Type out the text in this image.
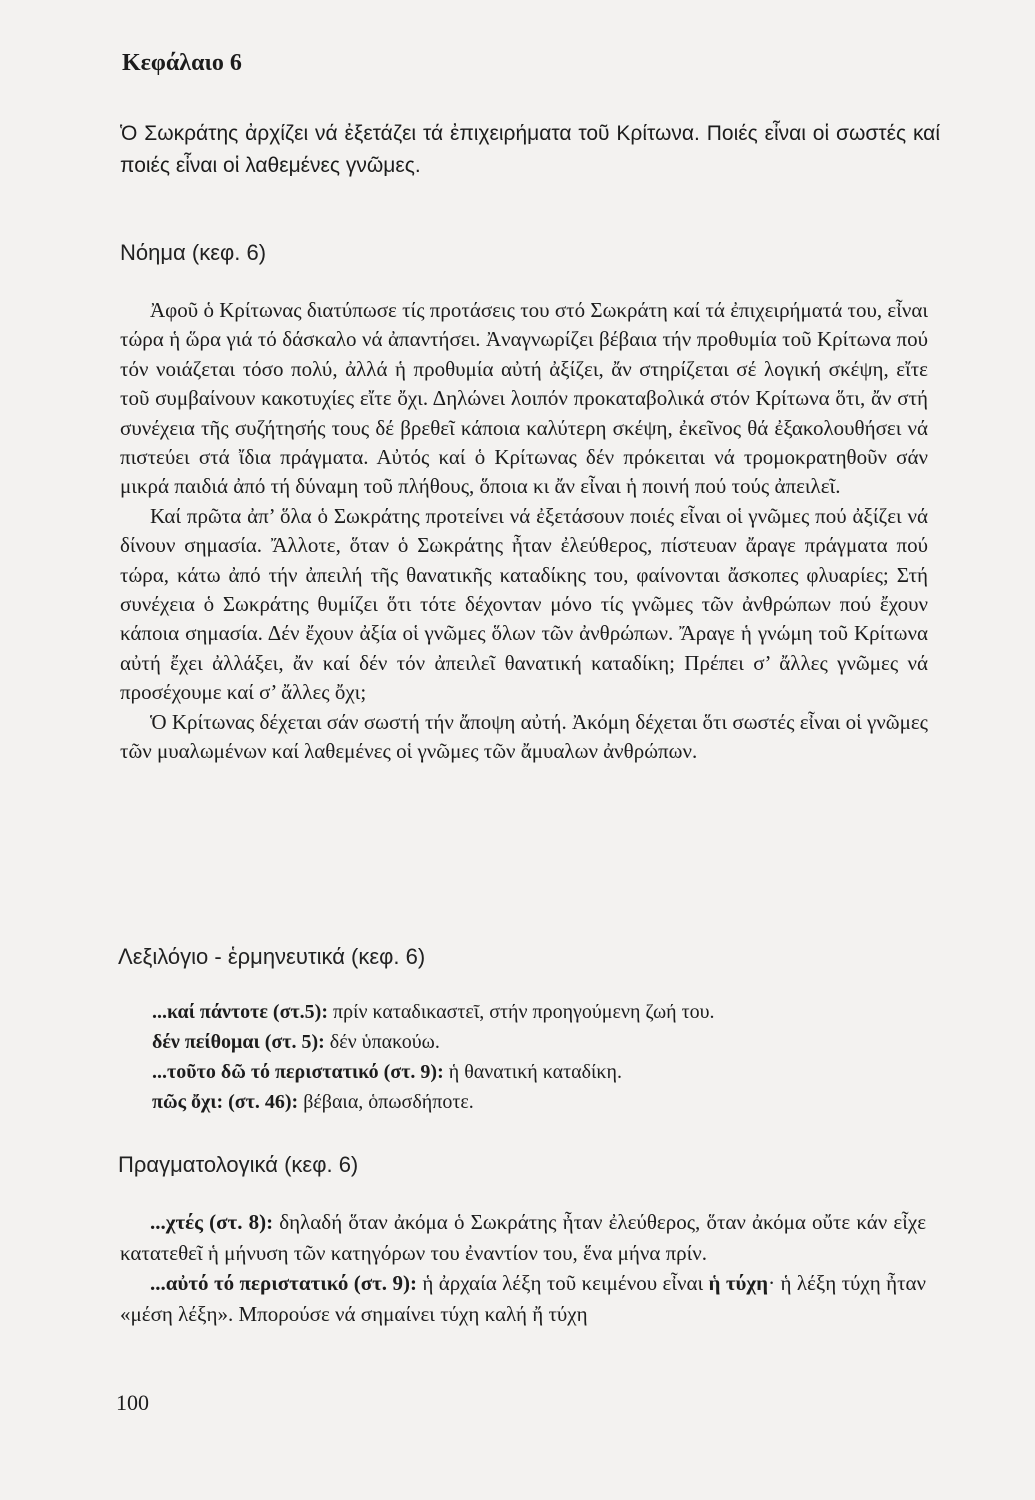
Κεφάλαιο 6
Ὁ Σωκράτης ἀρχίζει νά ἐξετάζει τά ἐπιχειρήματα τοῦ Κρίτωνα. Ποιές εἶναι οἱ σωστές καί ποιές εἶναι οἱ λαθεμένες γνῶμες.
Νόημα (κεφ. 6)

Ἀφοῦ ὁ Κρίτωνας διατύπωσε τίς προτάσεις του στό Σωκράτη καί τά ἐπιχειρήματά του, εἶναι τώρα ἡ ὥρα γιά τό δάσκαλο νά ἀπαντήσει. Ἀναγνωρίζει βέβαια τήν προθυμία τοῦ Κρίτωνα πού τόν νοιάζεται τόσο πολύ, ἀλλά ἡ προθυμία αὐτή ἀξίζει, ἄν στηρίζεται σέ λογική σκέψη, εἴτε τοῦ συμβαίνουν κακοτυχίες εἴτε ὄχι. Δηλώνει λοιπόν προκαταβολικά στόν Κρίτωνα ὅτι, ἄν στή συνέχεια τῆς συζήτησής τους δέ βρεθεῖ κάποια καλύτερη σκέψη, ἐκεῖνος θά ἐξακολουθήσει νά πιστεύει στά ἴδια πράγματα. Αὐτός καί ὁ Κρίτωνας δέν πρόκειται νά τρομοκρατηθοῦν σάν μικρά παιδιά ἀπό τή δύναμη τοῦ πλήθους, ὅποια κι ἄν εἶναι ἡ ποινή πού τούς ἀπειλεῖ.

Καί πρῶτα ἀπ’ ὅλα ὁ Σωκράτης προτείνει νά ἐξετάσουν ποιές εἶναι οἱ γνῶμες πού ἀξίζει νά δίνουν σημασία. Ἄλλοτε, ὅταν ὁ Σωκράτης ἦταν ἐλεύθερος, πίστευαν ἄραγε πράγματα πού τώρα, κάτω ἀπό τήν ἀπειλή τῆς θανατικῆς καταδίκης του, φαίνονται ἄσκοπες φλυαρίες; Στή συνέχεια ὁ Σωκράτης θυμίζει ὅτι τότε δέχονταν μόνο τίς γνῶμες τῶν ἀνθρώπων πού ἔχουν κάποια σημασία. Δέν ἔχουν ἀξία οἱ γνῶμες ὅλων τῶν ἀνθρώπων. Ἄραγε ἡ γνώμη τοῦ Κρίτωνα αὐτή ἔχει ἀλλάξει, ἄν καί δέν τόν ἀπειλεῖ θανατική καταδίκη; Πρέπει σ’ ἄλλες γνῶμες νά προσέχουμε καί σ’ ἄλλες ὄχι;

Ὁ Κρίτωνας δέχεται σάν σωστή τήν ἄποψη αὐτή. Ἀκόμη δέχεται ὅτι σωστές εἶναι οἱ γνῶμες τῶν μυαλωμένων καί λαθεμένες οἱ γνῶμες τῶν ἄμυαλων ἀνθρώπων.

Λεξιλόγιο - ἑρμηνευτικά (κεφ. 6)
...καί πάντοτε (στ.5): πρίν καταδικαστεῖ, στήν προηγούμενη ζωή του.
δέν πείθομαι (στ. 5): δέν ὑπακούω.
...τοῦτο δῶ τό περιστατικό (στ. 9): ἡ θανατική καταδίκη.
πῶς ὄχι: (στ. 46): βέβαια, ὁπωσδήποτε.
Πραγματολογικά (κεφ. 6)

...χτές (στ. 8): δηλαδή ὅταν ἀκόμα ὁ Σωκράτης ἦταν ἐλεύθερος, ὅταν ἀκόμα οὔτε κάν εἶχε κατατεθεῖ ἡ μήνυση τῶν κατηγόρων του ἐναντίον του, ἕνα μήνα πρίν.

...αὐτό τό περιστατικό (στ. 9): ἡ ἀρχαία λέξη τοῦ κειμένου εἶναι ἡ τύχη· ἡ λέξη τύχη ἦταν «μέση λέξη». Μπορούσε νά σημαίνει τύχη καλή ἤ τύχη

100
